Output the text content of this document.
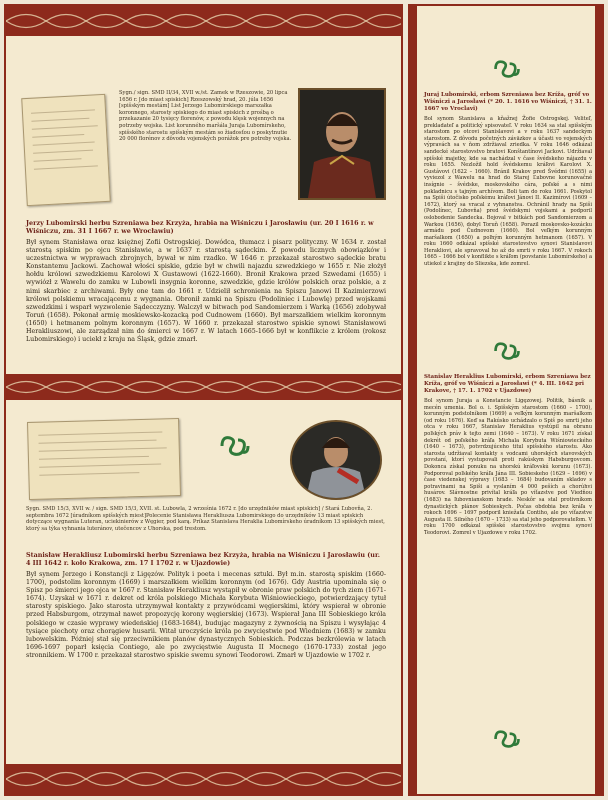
Sygn./ sign. SMD II/34, XVII w./st. Zamek w Rzeszowie, 20 lipca 1656 r. [do miast spiskich] Rzeszowský hrad, 20. júla 1656 [spišským mestám] List Jerzego Lubomirskiego marszałka koronnego, starosty spiskiego do miast spiskich z prośbą o przekazanie 20 tysięcy florenów, z powodu klęsk wojennych na potrzeby wojska. List korunného maršála Juraja Lubomírskeho, spišského starostu spišským mestám so žiadosťou o poskytnutie 20 000 florénov z dôvodu vojenských porážok pre potreby vojska.
Jerzy Lubomirski herbu Szreniawa bez Krzyża, hrabia na Wiśniczu i Jarosławiu (ur. 20 I 1616 r. w Wiśniczu, zm. 31 I 1667 r. we Wrocławiu)
Był synem Stanisława oraz księżnej Zofii Ostrogskiej. Dowódca, tłumacz i pisarz polityczny. W 1634 r. został starostą spiskim po ojcu Stanisławie, a w 1637 r. starostą sądeckim. Z powodu licznych obowiązków i uczestnictwa w wyprawach zbrojnych, bywał w nim rzadko. W 1646 r. przekazał starostwo sądeckie bratu Konstantemu Jackowi. Zachował włości spiskie, gdzie był w chwili najazdu szwedzkiego w 1655 r. Nie złożył hołdu królowi szwedzkiemu Karolowi X Gustawowi (1622-1660). Bronił Krakowa przed Szwedami (1655) i wywiózł z Wawelu do zamku w Lubowli insygnia koronne, szwedzkie, gdzie królów polskich oraz polskie, a z nimi skarbiec z archiwami. Były one tam do 1661 r. Udzielił schronienia na Spiszu Janowi II Kazimierzowi królowi polskiemu wracającemu z wygnania. Obronił zamki na Spiszu (Podoliniec i Lubowlę) przed wojskami szwedzkimi i wsparł wyzwolenie Sądecczyzny. Walczył w bitwach pod Sandomierzem i Warką (1656) zdobywał Toruń (1658). Pokonał armię moskiewsko-kozacką pod Cudnowem (1660). Był marszałkiem wielkim koronnym (1650) i hetmanem polnym koronnym (1657). W 1660 r. przekazał starostwo spiskie synowi Stanisławowi Herakliuszowi, ale zarządzał nim do śmierci w 1667 r. W latach 1665-1666 był w konflikcie z królem (rokosz Lubomirskiego) i uciekł z kraju na Śląsk, gdzie zmarł.
Sygn. SMD 15/3, XVII w. / sign. SMD 15/3, XVII. st. Lubowla, 2 września 1672 r. [do urzędników miast spiskich] / Stará Ľubovňa, 2. septembra 1672 [úradníkom spišských miest]Polecenie Stanisława Herakliusza Lubomirskiego do urzędników 13 miast spiskich dotyczące wygnania Luteran, uciekinierów z Węgier, pod karą. Príkaz Stanislava Heraklia Lubomírskeho úradníkom 13 spišských miest, ktorý sa týka vyhnania luteránov, utečencov z Uhorska, pod trestom.
Stanisław Herakliusz Lubomirski herbu Szreniawa bez Krzyża, hrabia na Wiśniczu i Jarosławiu (ur. 4 III 1642 r. koło Krakowa, zm. 17 I 1702 r. w Ujazdowie)
Był synem Jerzego i Konstancji z Ligęzów. Polityk i poeta i mecenas sztuki. Był m.in. starostą spiskim (1660-1700), podstolim koronnym (1669) i marszałkiem wielkim koronnym (od 1676). Gdy Austria upominała się o Spisz po śmierci jego ojca w 1667 r. Stanisław Herakliusz wystąpił w obronie praw polskich do tych ziem (1671-1674). Uzyskał w 1671 r. dekret od króla polskiego Michała Korybuta Wiśniowieckiego, potwierdzający tytuł starosty spiskiego. Jako starosta utrzymywał kontakty z przywódcami węgierskimi, który wspierał w obronie przed Habsburgom, otrzymał nawet propozycję korony węgierskiej (1673). Wspierał Jana III Sobieskiego króla polskiego w czasie wyprawy wiedeńskiej (1683-1684), budując magazyny z żywnością na Spiszu i wysyłając 4 tysiące piechoty oraz chorągiew husarii. Witał uroczyście króla po zwycięstwie pod Wiedniem (1683) w zamku lubowelskim. Później stał się przeciwnikiem planów dynastycznych Sobieskich. Podczas bezkrólewia w latach 1696-1697 poparł księcia Contiego, ale po zwycięstwie Augusta II Mocnego (1670-1733) został jego stronnikiem. W 1700 r. przekazał starostwo spiskie swemu synowi Teodorowi. Zmarł w Ujazdowie w 1702 r.
Juraj Lubomírski, erbom Szreniawa bez Kríža, gróf vo Wiśniczi a Jarosławi (* 20. 1. 1616 vo Wiśniczi, † 31. 1. 1667 vo Vroclavi)
Bol synom Stanislava a kňažnej Žofie Ostrogskej. Veliteľ, prekladateľ a politický spisovateľ. V roku 1634 sa stal spišským starostom po otcovi Stanislavovi a v roku 1637 sandeckým starostom. Z dôvodu početných záväzkov a účasti vo vojenských výpravách sa v ňom zdržiaval zriedka. V roku 1646 odkázal sandecké starostovstvo bratovi Konštantínovi Jackovi. Udržiaval spišské majetky, kde sa nachádzal v čase švédskeho nájazdu v roku 1655. Nezložil hold švédskemu kráľovi Karolovi X. Gustávovi (1622 – 1660). Bránil Krakov pred Švédmi (1655) a vyviezol z Wawelu na hrad do Starej Ľubovne korunovačné insígnie – švédske, moskovského cára, poľské a s nimi pokladnicu s tajným archívom. Boli tam do roku 1661. Poskytol na Spiši útočisko poľskému kráľovi Jánovi II. Kazimírovi (1609 – 1672), ktorý sa vracal z vyhnanstva. Ochránil hrady na Spiši (Podolínec, Ľubovňa) pred švédskymi vojskami a podporil oslobodenie Sandecka. Bojoval v bitkách pod Sandomierzom a Warkou (1656), dobyl Toruň (1658). Porazil moskovsko-kozácku armádu pod Čudnovom (1660). Bol veľkým korunným maršalkom (1650) a poľným korunným hetmanom (1657). V roku 1660 odkázal spišské starostovstvo synovi Stanislavovi Herakliovi, ale spravoval ho až do smrti v roku 1667. V rokoch 1665 – 1666 bol v konflikte s kráľom (povstanie Lubomírskeho) a utiekol z krajiny do Sliezska, kde zomrel.
Stanislav Heraklius Lubomírski, erbom Szreniawa bez Kríža, gróf vo Wiśniczi a Jarosławi (* 4. III. 1642 pri Krakove, † 17. 1. 1702 v Ujazdowe)
Bol synom Juraja a Konstancie Ligęzowej. Politik, básnik a mecén umenia. Bol o. i. Spišským starostom (1660 – 1700), korunným podstolníkom (1669) a veľkým korunným maršalkom (od roku 1676). Keď sa Rakúsko uchádzalo o Spiš po smrti jeho otca v roku 1667, Stanislav Heraklius vystúpil na obranu poľských práv k tejto zemi (1640 – 1673). V roku 1671 získal dekrét od poľského kráľa Michala Korybuta Wiśniowieckého (1640 – 1673), potvrdzujúceho titul spišského starostu. Ako starosta udržiaval kontakty s vodcami uhorských stavovských povstaní, ktorí vystupovali proti rakúskym Habsburgovcom. Dokonca získal ponuku na uhorskú kráľovskú korunu (1673). Podporoval poľského kráľa Jána III. Sobieskeho (1629 – 1696) v čase viedenskej výpravy (1683 – 1684) budovaním skladov s potravinami na Spiši a vyslaním 4 000 peších a chorúhvi husárov. Slávnostne privítal kráľa po víťazstve pod Viedňou (1683) na ľubovnianskom hrade. Neskôr sa stal protivníkom dynastických plánov Sobieskych. Počas obdobia bez kráľa v rokoch 1696 – 1697 podporil kniežaťa Contiho, ale po víťazstve Augusta II. Silného (1670 – 1733) sa stal jeho podporovateľom. V roku 1700 odkázal spišské starostovstvo svojmu synovi Teodorovi. Zomrel v Ujazdowe v roku 1702.
